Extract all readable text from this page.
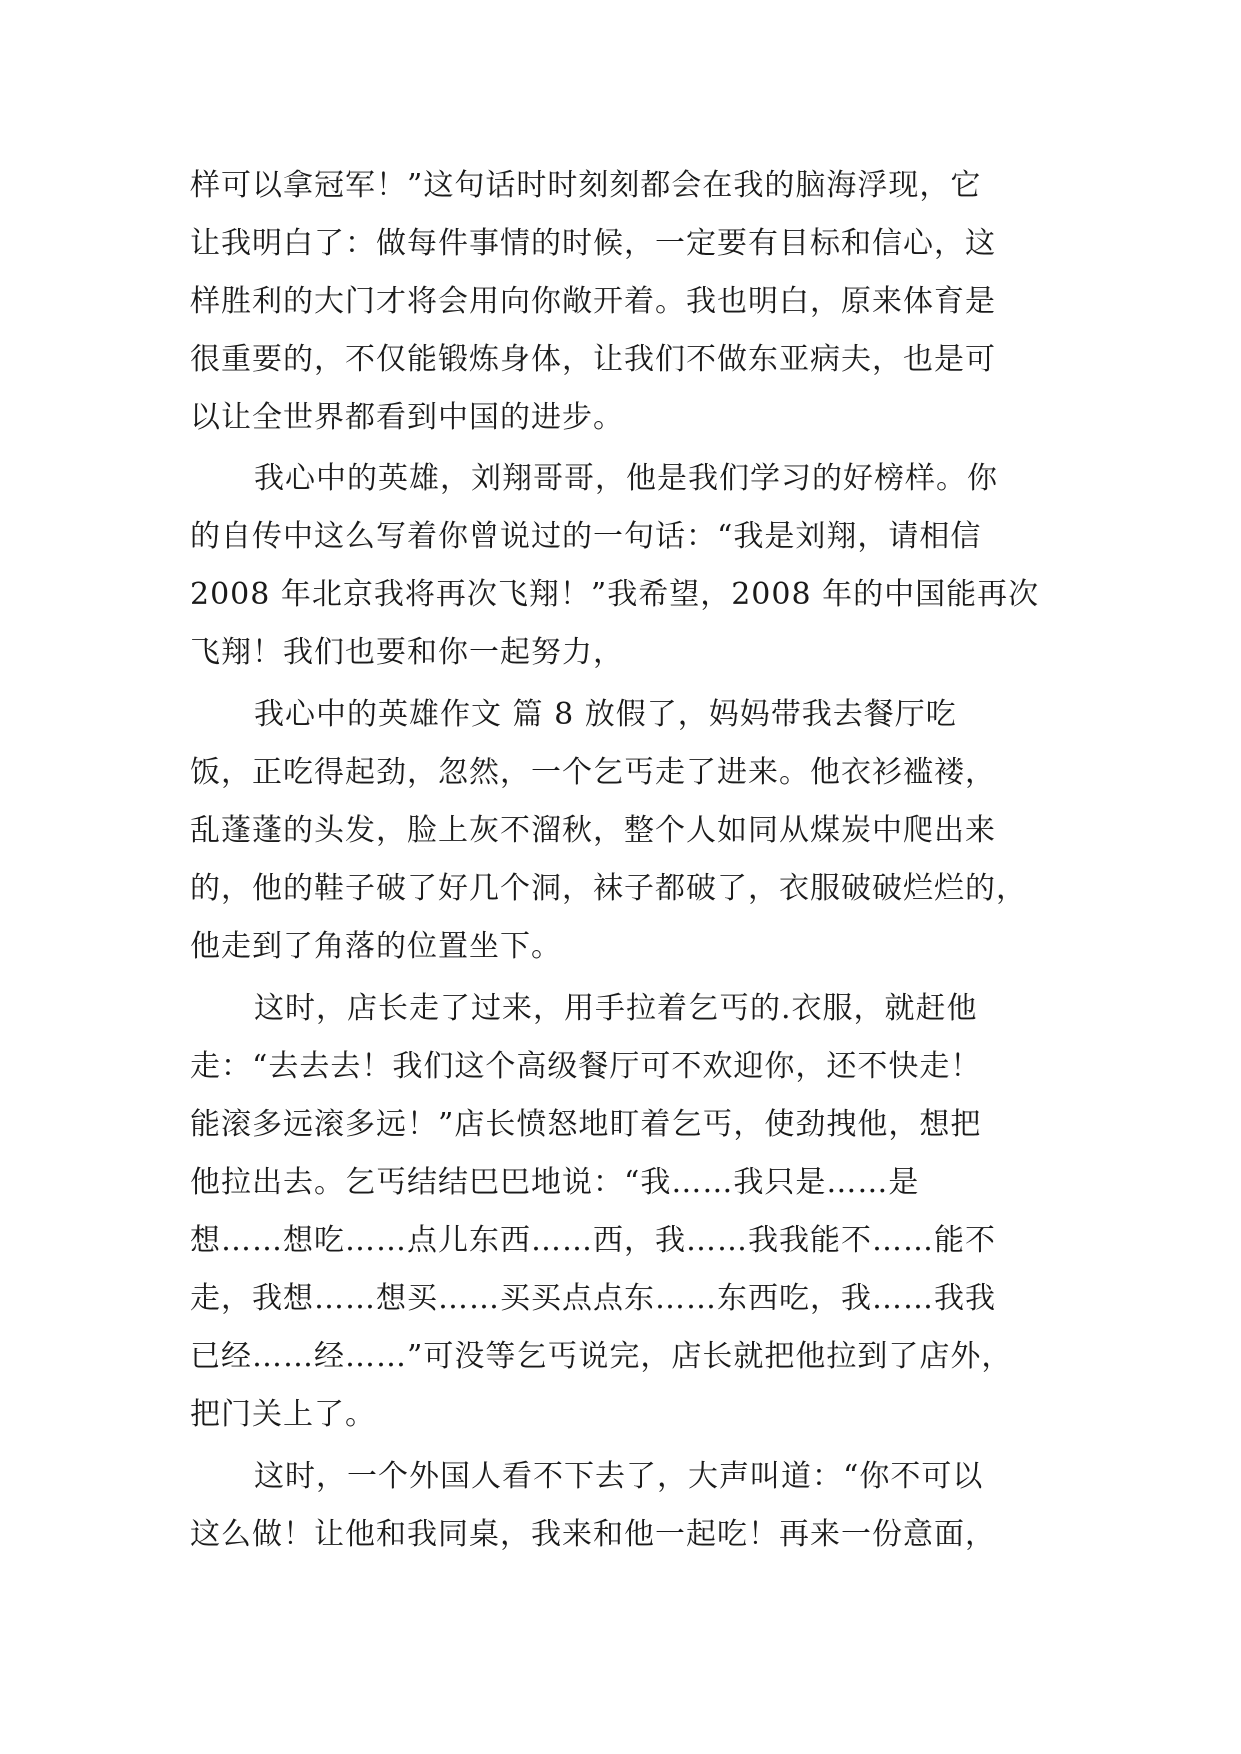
样可以拿冠军！”这句话时时刻刻都会在我的脑海浮现，它
让我明白了：做每件事情的时候，一定要有目标和信心，这
样胜利的大门才将会用向你敞开着。我也明白，原来体育是
很重要的，不仅能锻炼身体，让我们不做东亚病夫，也是可
以让全世界都看到中国的进步。
我心中的英雄，刘翔哥哥，他是我们学习的好榜样。你
的自传中这么写着你曾说过的一句话：“我是刘翔，请相信
2008 年北京我将再次飞翔！”我希望，2008 年的中国能再次
飞翔！我们也要和你一起努力，
我心中的英雄作文 篇 8 放假了，妈妈带我去餐厅吃
饭，正吃得起劲，忽然，一个乞丐走了进来。他衣衫褴褛，
乱蓬蓬的头发，脸上灰不溜秋，整个人如同从煤炭中爬出来
的，他的鞋子破了好几个洞，袜子都破了，衣服破破烂烂的，
他走到了角落的位置坐下。
这时，店长走了过来，用手拉着乞丐的.衣服，就赶他
走：“去去去！我们这个高级餐厅可不欢迎你，还不快走！
能滚多远滚多远！”店长愤怒地盯着乞丐，使劲拽他，想把
他拉出去。乞丐结结巴巴地说：“我……我只是……是
想……想吃……点儿东西……西，我……我我能不……能不
走，我想……想买……买买点点东……东西吃，我……我我
已经……经……”可没等乞丐说完，店长就把他拉到了店外，
把门关上了。
这时，一个外国人看不下去了，大声叫道：“你不可以
这么做！让他和我同桌，我来和他一起吃！再来一份意面，
